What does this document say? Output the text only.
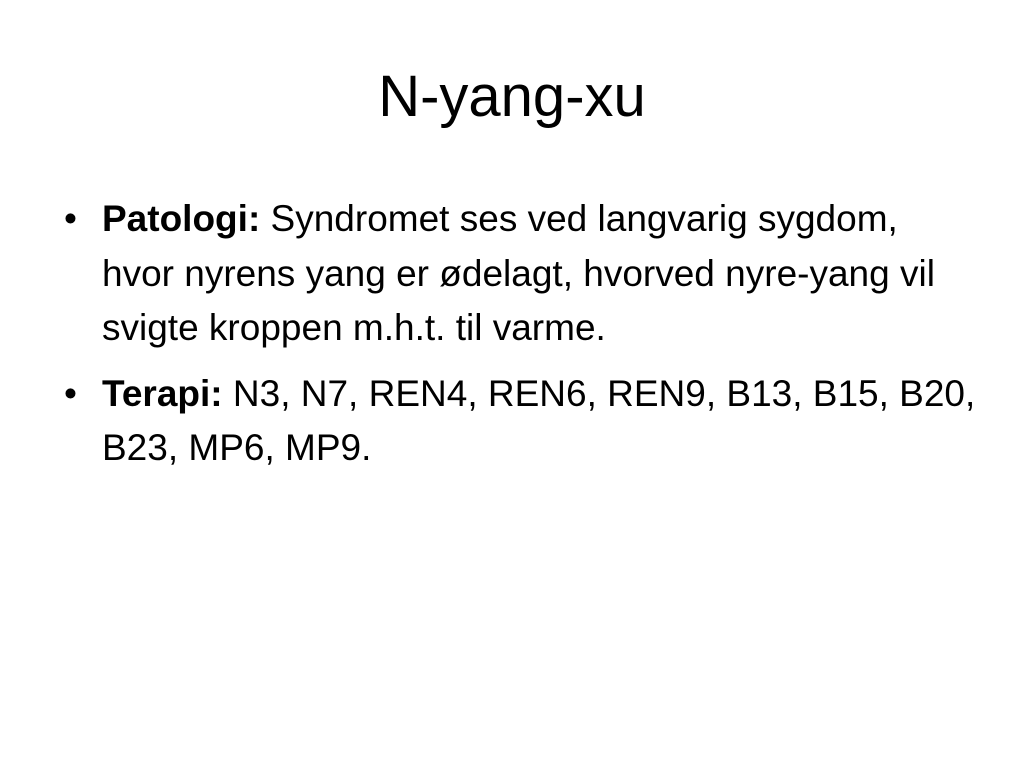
N-yang-xu
• Patologi: Syndromet ses ved langvarig sygdom, hvor nyrens yang er ødelagt, hvorved nyre-yang vil svigte kroppen m.h.t. til varme.
• Terapi: N3, N7, REN4, REN6, REN9, B13, B15, B20, B23, MP6, MP9.
